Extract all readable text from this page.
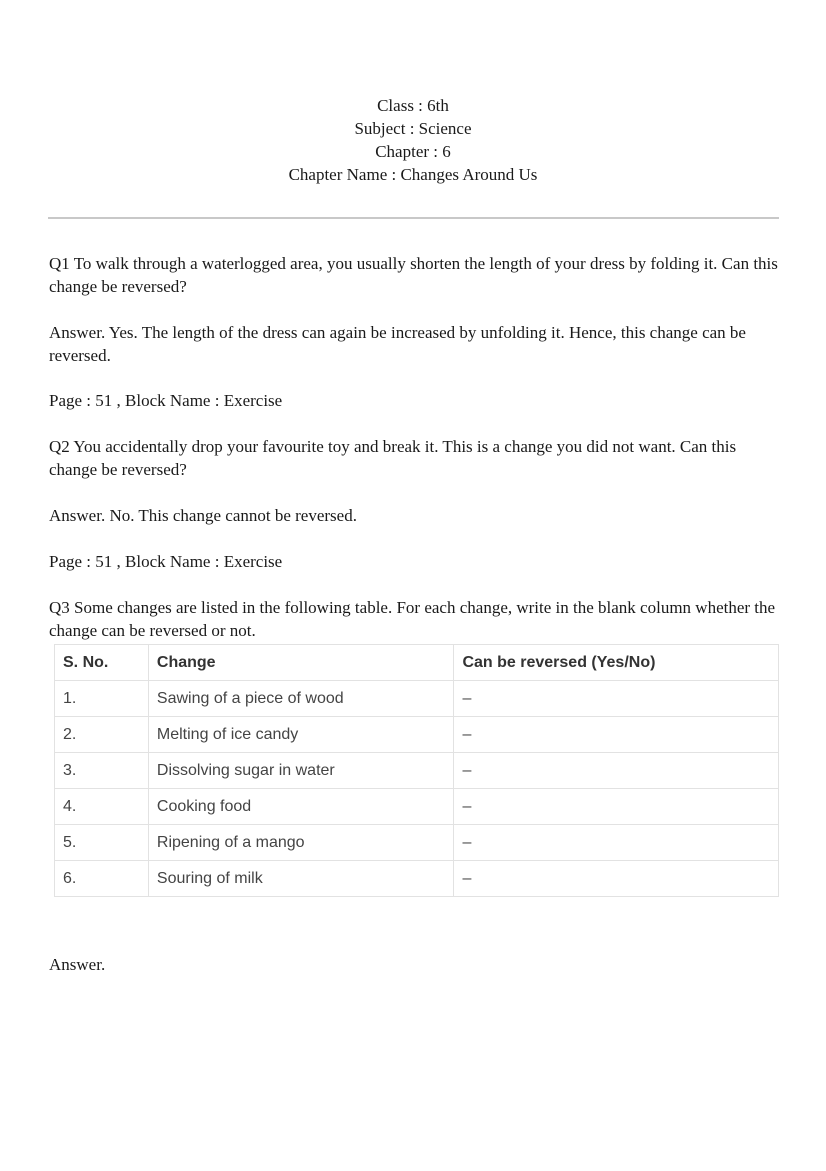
Class : 6th
Subject : Science
Chapter : 6
Chapter Name : Changes Around Us

Q1 To walk through a waterlogged area, you usually shorten the length of your dress by folding it. Can this change be reversed?

Answer. Yes. The length of the dress can again be increased by unfolding it. Hence, this change can be reversed.

Page : 51 , Block Name : Exercise

Q2 You accidentally drop your favourite toy and break it. This is a change you did not want. Can this change be reversed?

Answer. No. This change cannot be reversed.

Page : 51 , Block Name : Exercise

Q3 Some changes are listed in the following table. For each change, write in the blank column whether the change can be reversed or not.

S. No.	Change	Can be reversed (Yes/No)
1.	Sawing of a piece of wood	–
2.	Melting of ice candy	–
3.	Dissolving sugar in water	–
4.	Cooking food	–
5.	Ripening of a mango	–
6.	Souring of milk	–

Answer.
